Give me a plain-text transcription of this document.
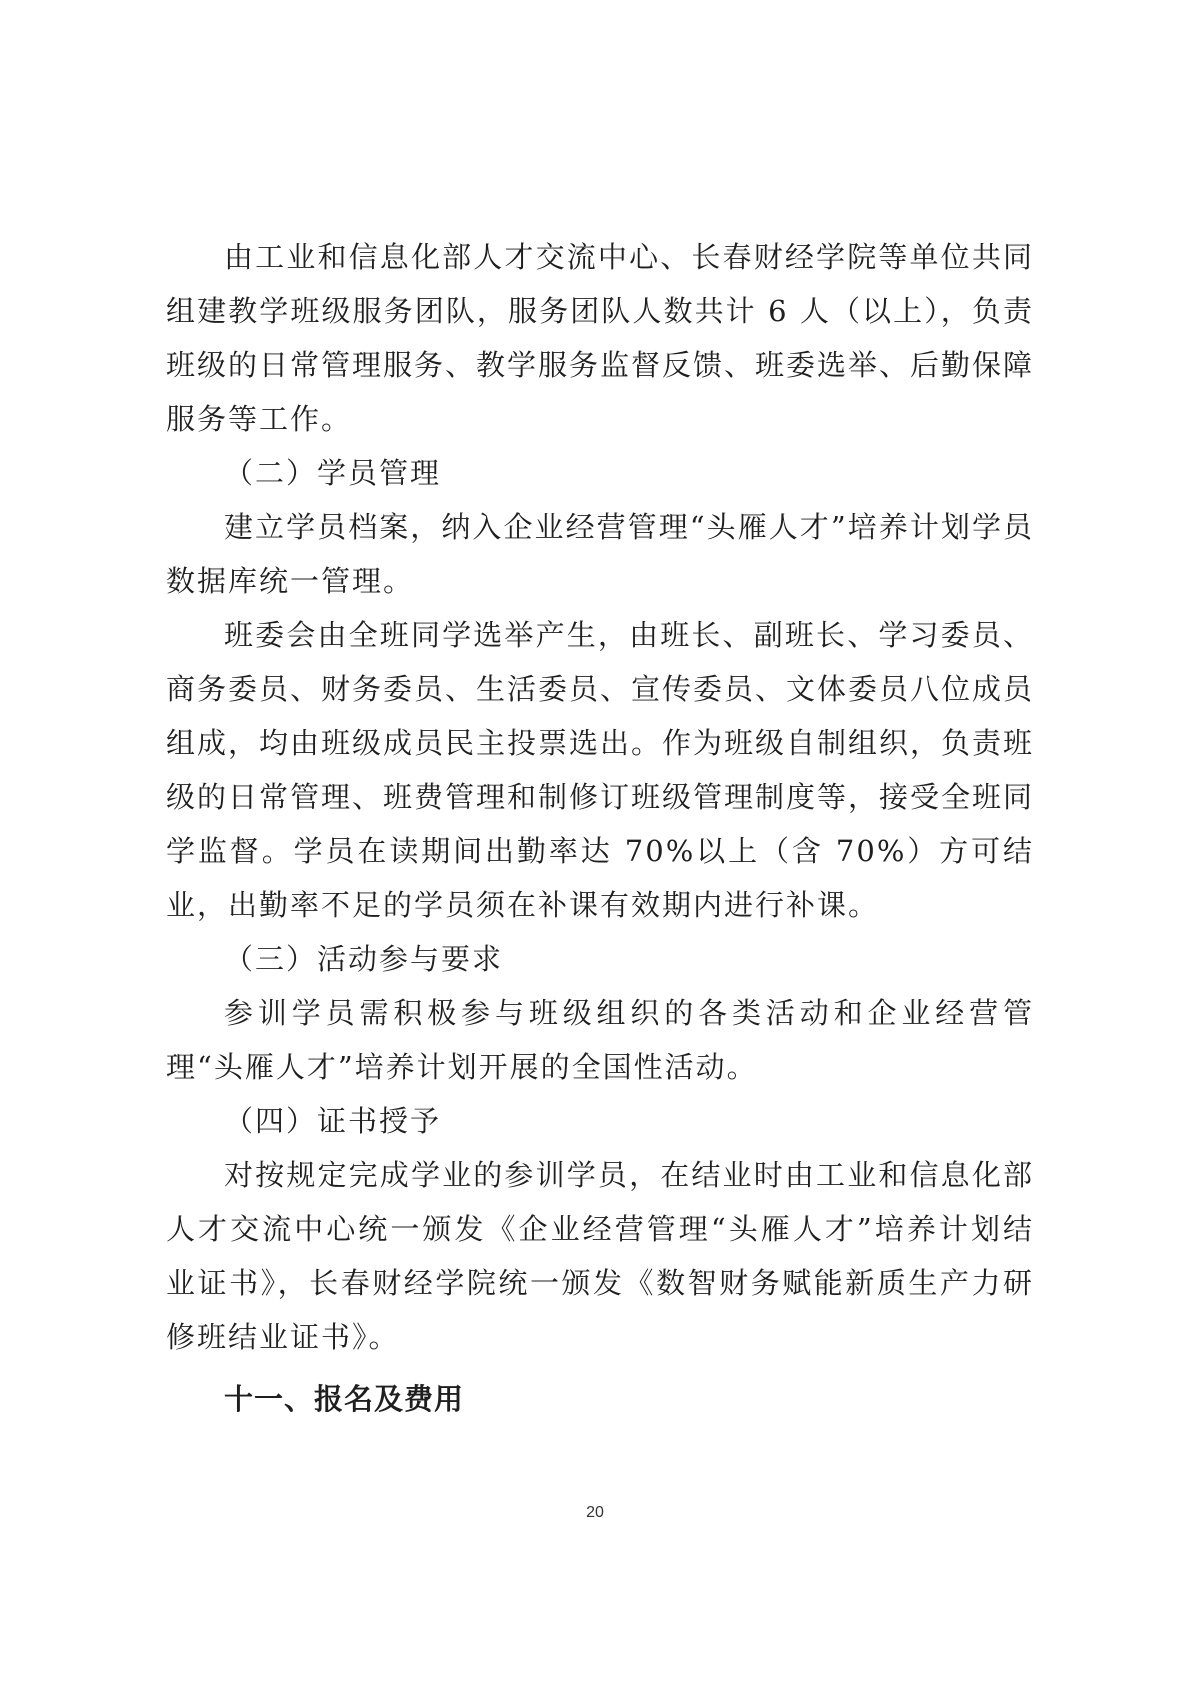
由工业和信息化部人才交流中心、长春财经学院等单位共同组建教学班级服务团队，服务团队人数共计 6 人（以上），负责班级的日常管理服务、教学服务监督反馈、班委选举、后勤保障服务等工作。

（二）学员管理

建立学员档案，纳入企业经营管理“头雁人才”培养计划学员数据库统一管理。

班委会由全班同学选举产生，由班长、副班长、学习委员、商务委员、财务委员、生活委员、宣传委员、文体委员八位成员组成，均由班级成员民主投票选出。作为班级自制组织，负责班级的日常管理、班费管理和制修订班级管理制度等，接受全班同学监督。学员在读期间出勤率达 70%以上（含 70%）方可结业，出勤率不足的学员须在补课有效期内进行补课。

（三）活动参与要求

参训学员需积极参与班级组织的各类活动和企业经营管理“头雁人才”培养计划开展的全国性活动。

（四）证书授予

对按规定完成学业的参训学员，在结业时由工业和信息化部人才交流中心统一颁发《企业经营管理“头雁人才”培养计划结业证书》，长春财经学院统一颁发《数智财务赋能新质生产力研修班结业证书》。

十一、报名及费用

20
